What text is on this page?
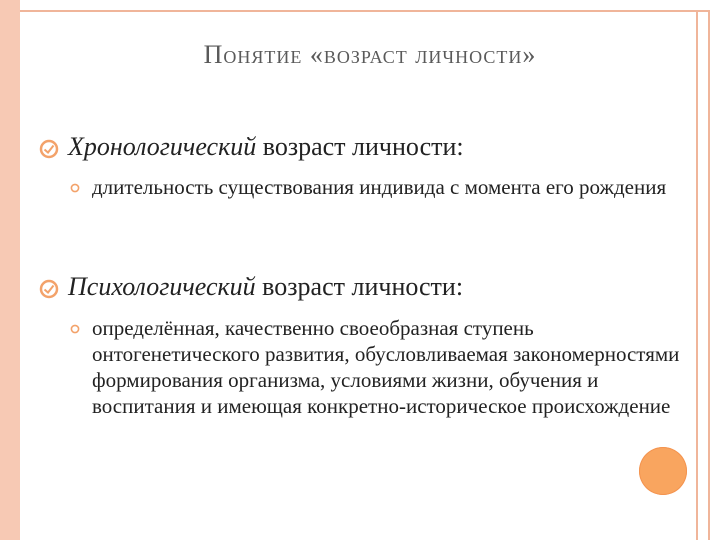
Понятие «возраст личности»
Хронологический возраст личности:
длительность существования индивида с момента его рождения
Психологический возраст личности:
определённая, качественно своеобразная ступень онтогенетического развития, обусловливаемая закономерностями формирования организма, условиями жизни, обучения и воспитания и имеющая конкретно-историческое происхождение
